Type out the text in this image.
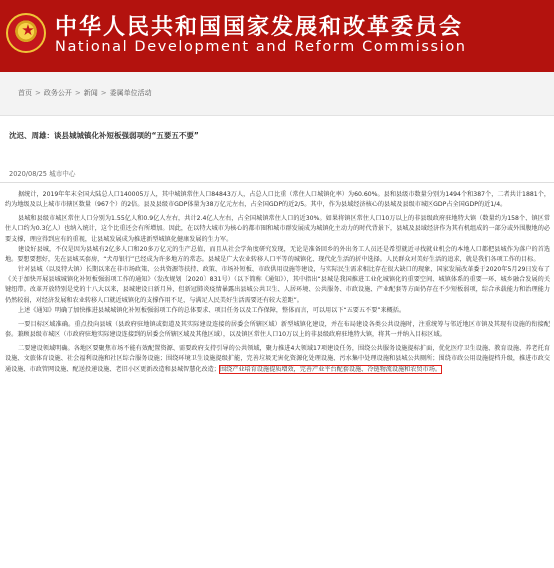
★ 中华人民共和国国家发展和改革委员会
National Development and Reform Commission
首页 > 政务公开 > 新闻 > 委属单位活动
沈迟、周雄：谈县城城镇化补短板强弱项的“五要五不要”
2020/08/25 城市中心

据统计，2019年年末全国大陆总人口140005万人，其中城镇常住人口84843万人，占总人口比重（常住人口城镇化率）为60.60%。县和县级市数量分别为1494个和387个，二者共计1881个，约为地级及以上城市市辖区数量（967个）的2倍。县及县级市GDP体量为38万亿元左右，占全国GDP的近2/5。其中，作为县域经济核心的县城及县级市城区GDP占全国GDP的近1/4。

县城和县级市城区常住人口分别为1.55亿人和0.9亿人左右，共计2.4亿人左右，占全国城镇常住人口的近30%。如果将镇区常住人口10万以上的非县级政府驻地特大镇（数量约为158个、镇区常住人口约为0.3亿人）也纳入统计，这个比重还会有所增加。因此，在以特大城市为核心的都市圈和城市群发展成为城镇化主动力的时代背景下，县城及县域经济作为其有机组成的一部分或外围腹地的必要支撑，理应得到应有的重视，让县城发展成为推进新型城镇化健康发展的生力军。

建设好县城，不仅是因为县城有2亿多人口和20多万亿元的生产总值，而且从社会学角度研究发现，无论是准备回乡的外出务工人员还是希望就近寻找就业机会的本地人口都把县城作为落户的首选地。要想要想好，先在县城买套房，“犬母银行”已经成为许多地方的常态。县城是广大农业转移人口平等的城镇化、现代化生活的折中选择。人民群众对美好生活的追求，就是我们各项工作的目标。

针对县城（以及特大镇）长期以来在非市场政策、公共资源等扶持、政策、市场补短板、市政供用设施等建设，与实际民生需求相比存在很大缺口的现象，国家发展改革委于2020年5月29日发布了《关于加快开展县城城镇化补短板强弱项工作的通知》（发改规划〔2020〕831号）（以下简称《通知》），其中指出“县城是我国推进工业化城镇化的重要空间、城镇体系的重要一环、城乡融合发展的关键纽带。改革开放特别是党的十八大以来，县城建设日新月异，但新冠肺炎疫情暴露出县城公共卫生、人居环境、公共服务、市政设施、产业配套等方面仍存在不少短板弱项，综合承载能力和治理能力仍然较弱，对经济发展和农业转移人口就近城镇化的支撑作用不足，与满足人民美好生活需要还有较大差距”。

上述《通知》明确了加快推进县城城镇化补短板强弱项工作的总体要求、项目任务以及工作保障，整体而言，可以用以下“五要五不要”来概括。

一要目标区域准确。重点投向县城（县政府驻地镇或街道及其实际建设连接的居委会所辖区域）新型城镇化建设，并在布局建设各类公共设施时，注重统筹与邻近地区市镇及其现有设施的衔接配套。兼顾县级市城区（市政府驻地实际建设连接到的居委会所辖区域及其他区域），以及镇区常住人口10万以上的非县级政府驻地特大镇，将其一并纳入目标区域。

二要建设领域明确。各地区要聚焦市场不能有效配置资源、需要政府支持引导的公共领域，聚力推进4大领域17项建设任务，围绕公共服务设施提标扩面，优化医疗卫生设施、教育设施、养老托育设施、文旅体育设施、社会福利设施和社区综合服务设施；围绕环境卫生设施提级扩能，完善垃圾无害化资源化处理设施、污水集中处理设施和县城公共厕所；围绕市政公用设施提档升级，推进市政交通设施、市政管网设施、配送投递设施、老旧小区更新改造和县城智慧化改造；围绕产业培育设施提质增效，完善产业平台配套设施、冷链物流设施和农贸市场。
